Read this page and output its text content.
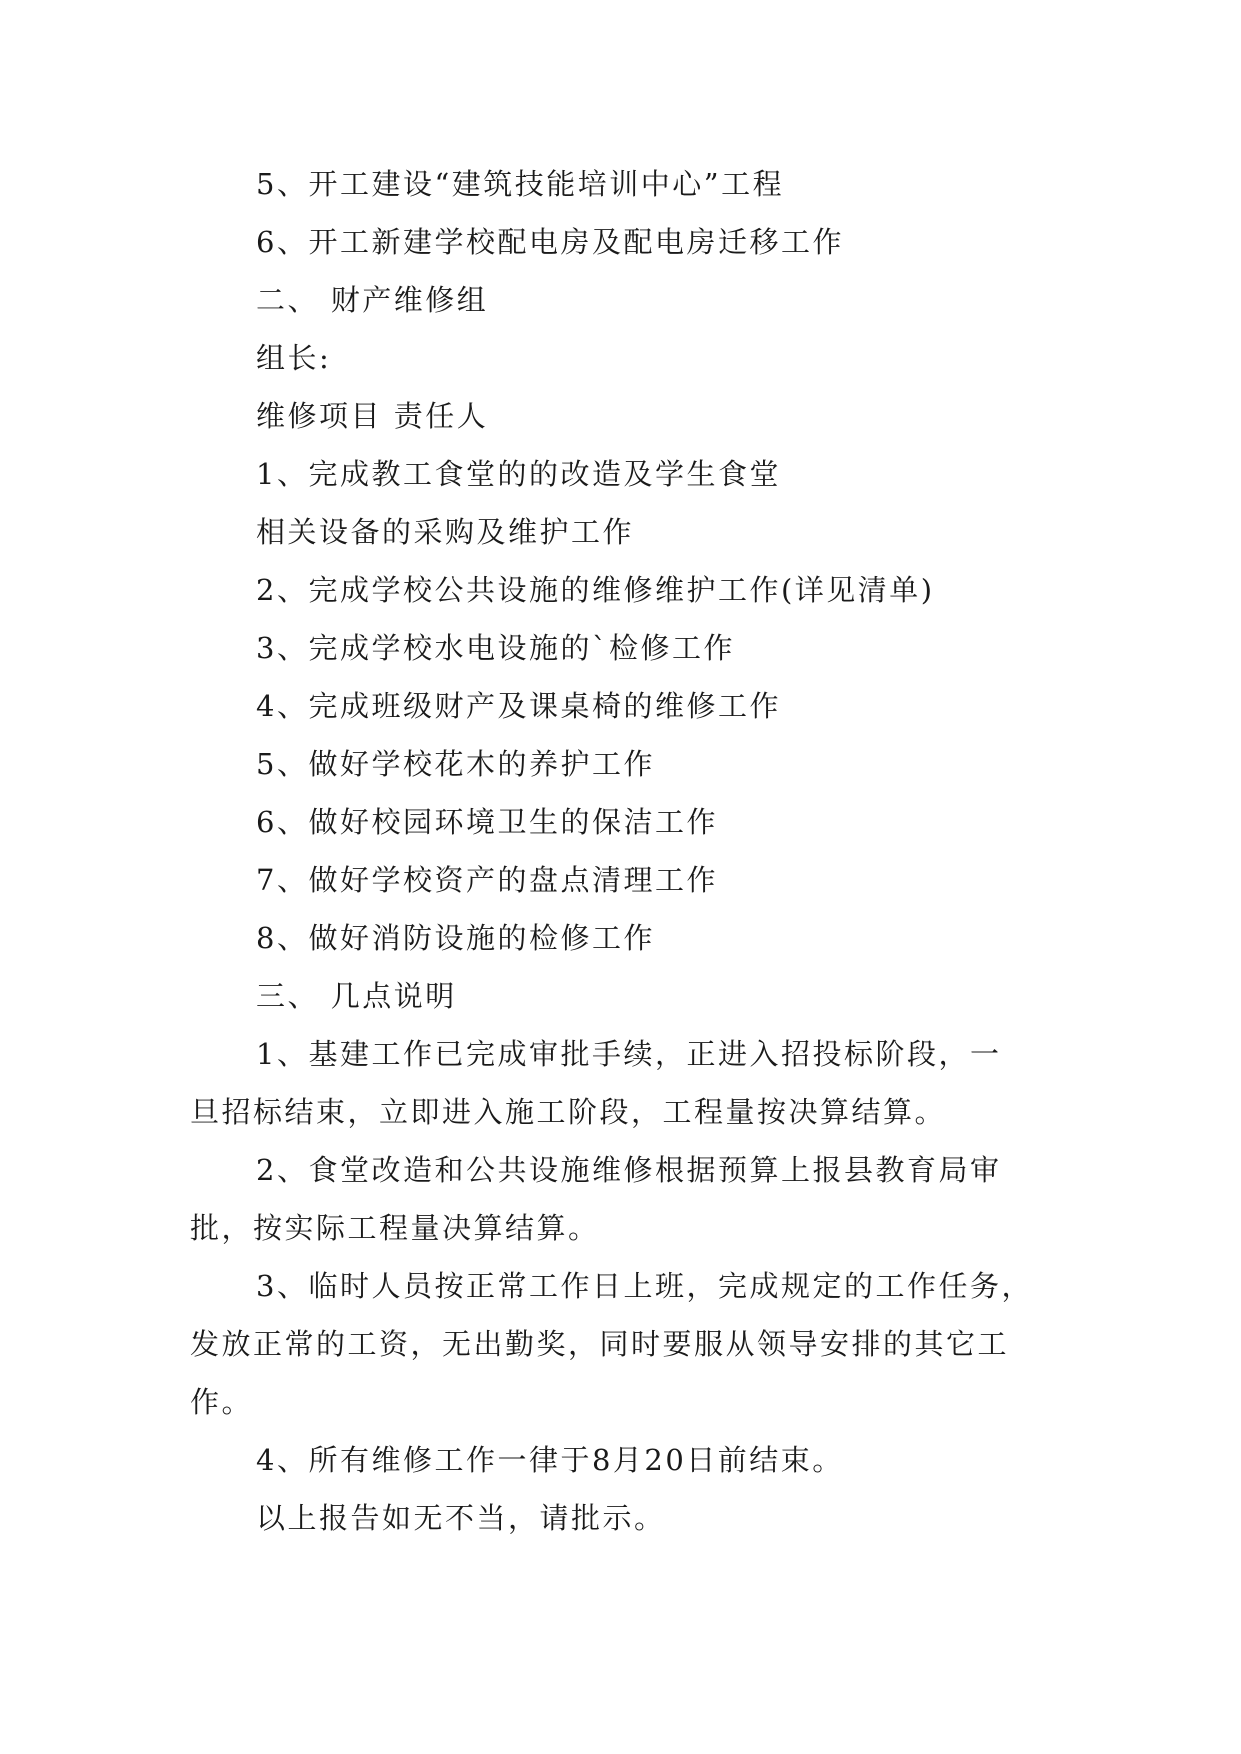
5、开工建设“建筑技能培训中心”工程
6、开工新建学校配电房及配电房迁移工作
二、 财产维修组
组长:
维修项目 责任人
1、完成教工食堂的的改造及学生食堂
相关设备的采购及维护工作
2、完成学校公共设施的维修维护工作(详见清单)
3、完成学校水电设施的`检修工作
4、完成班级财产及课桌椅的维修工作
5、做好学校花木的养护工作
6、做好校园环境卫生的保洁工作
7、做好学校资产的盘点清理工作
8、做好消防设施的检修工作
三、 几点说明
1、基建工作已完成审批手续，正进入招投标阶段，一
旦招标结束，立即进入施工阶段，工程量按决算结算。
2、食堂改造和公共设施维修根据预算上报县教育局审
批，按实际工程量决算结算。
3、临时人员按正常工作日上班，完成规定的工作任务，
发放正常的工资，无出勤奖，同时要服从领导安排的其它工
作。
4、所有维修工作一律于8月20日前结束。
以上报告如无不当，请批示。
